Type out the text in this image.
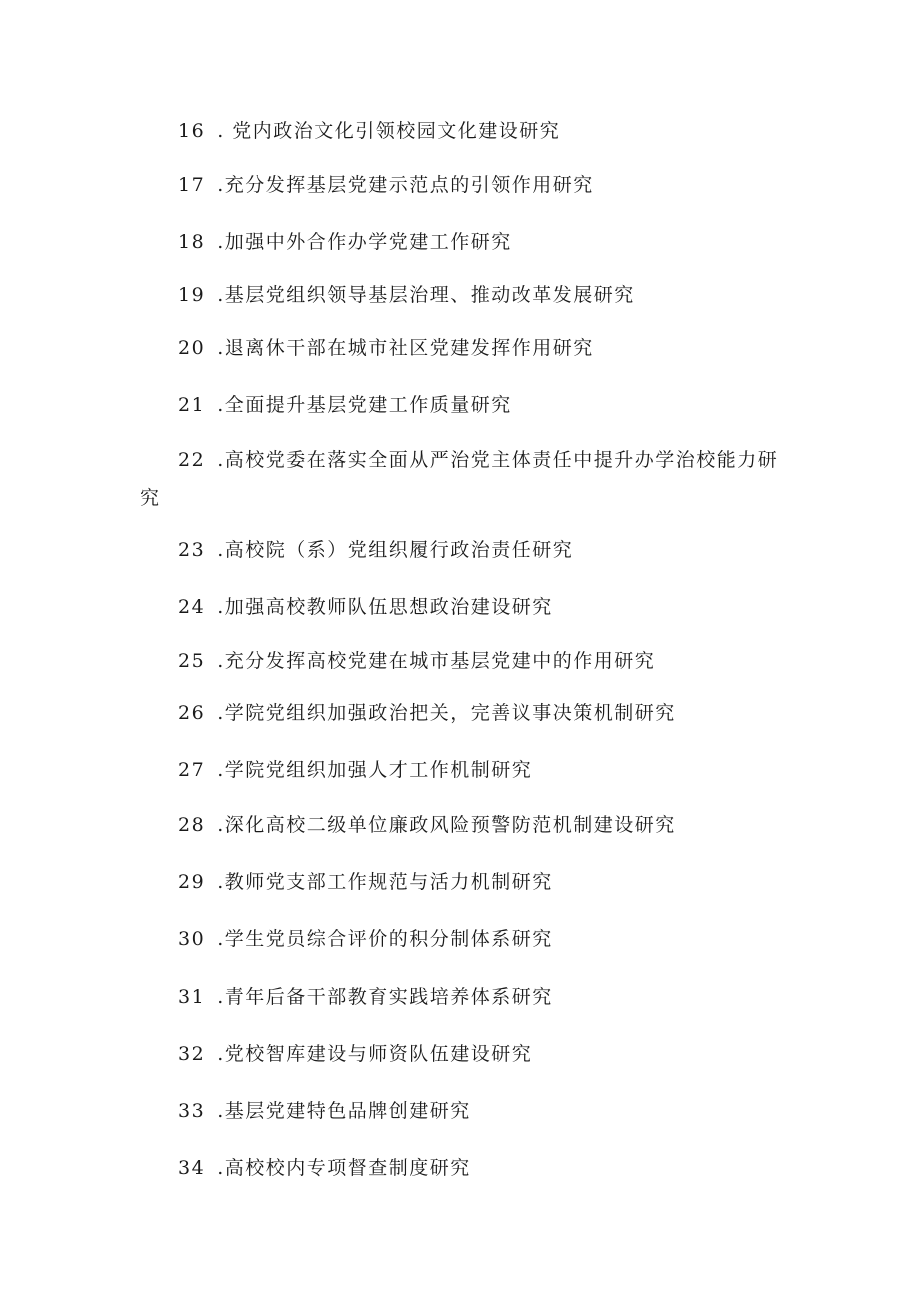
16 . 党内政治文化引领校园文化建设研究
17 .充分发挥基层党建示范点的引领作用研究
18 .加强中外合作办学党建工作研究
19 .基层党组织领导基层治理、推动改革发展研究
20 .退离休干部在城市社区党建发挥作用研究
21 .全面提升基层党建工作质量研究
22 .高校党委在落实全面从严治党主体责任中提升办学治校能力研
究
23 .高校院（系）党组织履行政治责任研究
24 .加强高校教师队伍思想政治建设研究
25 .充分发挥高校党建在城市基层党建中的作用研究
26 .学院党组织加强政治把关，完善议事决策机制研究
27 .学院党组织加强人才工作机制研究
28 .深化高校二级单位廉政风险预警防范机制建设研究
29 .教师党支部工作规范与活力机制研究
30 .学生党员综合评价的积分制体系研究
31 .青年后备干部教育实践培养体系研究
32 .党校智库建设与师资队伍建设研究
33 .基层党建特色品牌创建研究
34 .高校校内专项督查制度研究
